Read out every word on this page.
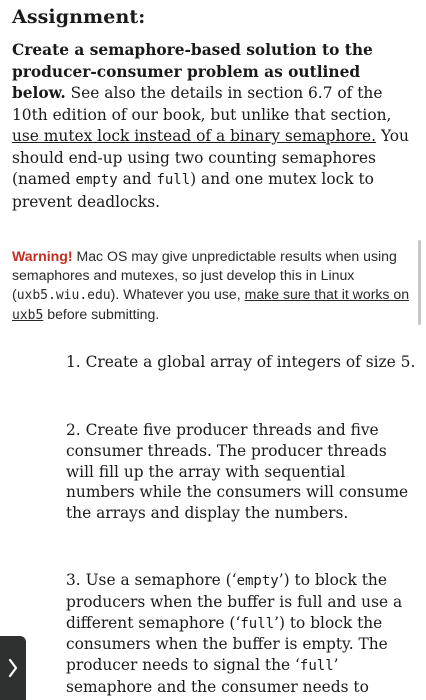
Assignment:
Create a semaphore-based solution to the producer-consumer problem as outlined below. See also the details in section 6.7 of the 10th edition of our book, but unlike that section, use mutex lock instead of a binary semaphore. You should end-up using two counting semaphores (named empty and full) and one mutex lock to prevent deadlocks.
Warning! Mac OS may give unpredictable results when using semaphores and mutexes, so just develop this in Linux (uxb5.wiu.edu). Whatever you use, make sure that it works on uxb5 before submitting.
1. Create a global array of integers of size 5.
2. Create five producer threads and five consumer threads. The producer threads will fill up the array with sequential numbers while the consumers will consume the arrays and display the numbers.
3. Use a semaphore (‘empty’) to block the producers when the buffer is full and use a different semaphore (‘full’) to block the consumers when the buffer is empty. The producer needs to signal the ‘full’ semaphore and the consumer needs to
